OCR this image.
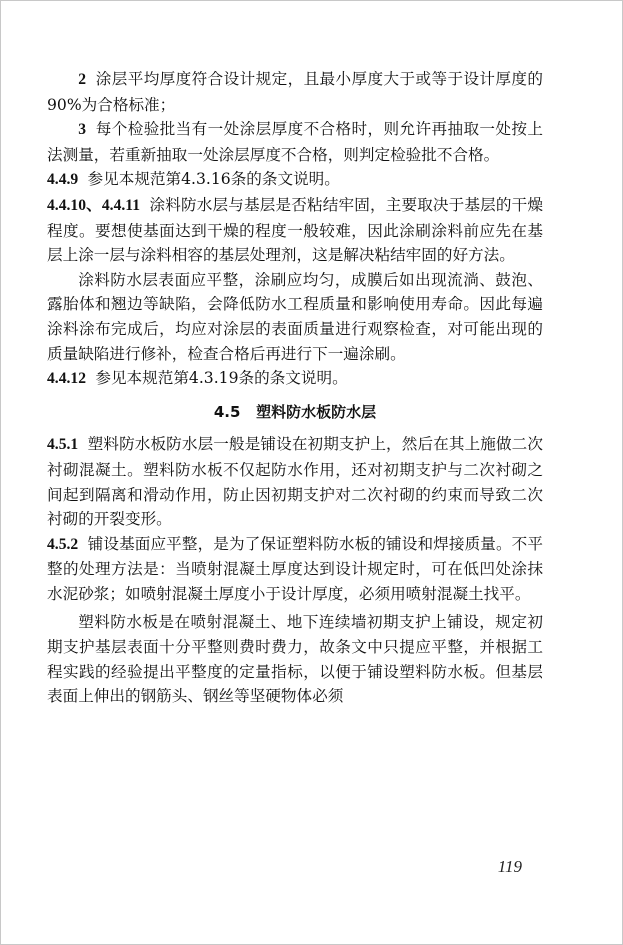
2 涂层平均厚度符合设计规定，且最小厚度大于或等于设计厚度的90%为合格标准；

3 每个检验批当有一处涂层厚度不合格时，则允许再抽取一处按上法测量，若重新抽取一处涂层厚度不合格，则判定检验批不合格。

4.4.9 参见本规范第4.3.16条的条文说明。

4.4.10、4.4.11 涂料防水层与基层是否粘结牢固，主要取决于基层的干燥程度。要想使基面达到干燥的程度一般较难，因此涂刷涂料前应先在基层上涂一层与涂料相容的基层处理剂，这是解决粘结牢固的好方法。

涂料防水层表面应平整，涂刷应均匀，成膜后如出现流淌、鼓泡、露胎体和翘边等缺陷，会降低防水工程质量和影响使用寿命。因此每遍涂料涂布完成后，均应对涂层的表面质量进行观察检查，对可能出现的质量缺陷进行修补，检查合格后再进行下一遍涂刷。

4.4.12 参见本规范第4.3.19条的条文说明。

4.5 塑料防水板防水层

4.5.1 塑料防水板防水层一般是铺设在初期支护上，然后在其上施做二次衬砌混凝土。塑料防水板不仅起防水作用，还对初期支护与二次衬砌之间起到隔离和滑动作用，防止因初期支护对二次衬砌的约束而导致二次衬砌的开裂变形。

4.5.2 铺设基面应平整，是为了保证塑料防水板的铺设和焊接质量。不平整的处理方法是：当喷射混凝土厚度达到设计规定时，可在低凹处涂抹水泥砂浆；如喷射混凝土厚度小于设计厚度，必须用喷射混凝土找平。

塑料防水板是在喷射混凝土、地下连续墙初期支护上铺设，规定初期支护基层表面十分平整则费时费力，故条文中只提应平整，并根据工程实践的经验提出平整度的定量指标，以便于铺设塑料防水板。但基层表面上伸出的钢筋头、钢丝等坚硬物体必须

119
